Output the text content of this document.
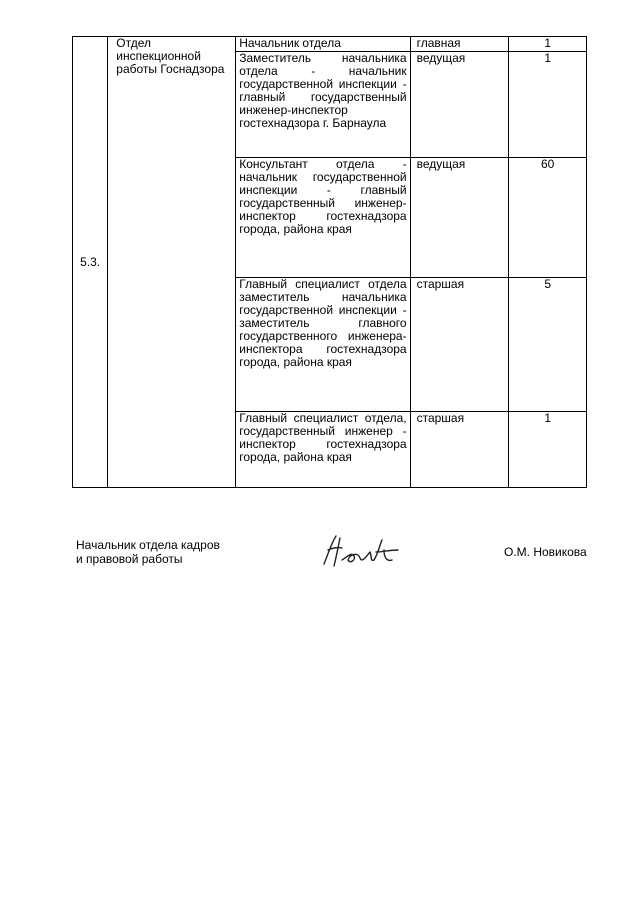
5.3.	Отдел инспекционной работы Госнадзора	Начальник отдела	главная	1
		Заместитель начальника отдела - начальник государственной инспекции - главный государственный инженер-инспектор гостехнадзора г. Барнаула	ведущая	1
		Консультант отдела - начальник государственной инспекции - главный государственный инженер- инспектор гостехнадзора города, района края	ведущая	60
		Главный специалист отдела заместитель начальника государственной инспекции - заместитель главного государственного инженера-инспектора гостехнадзора города, района края	старшая	5
		Главный специалист отдела, государственный инженер - инспектор гостехнадзора города, района края	старшая	1
Начальник отдела кадров
и правовой работы	О.М. Новикова
